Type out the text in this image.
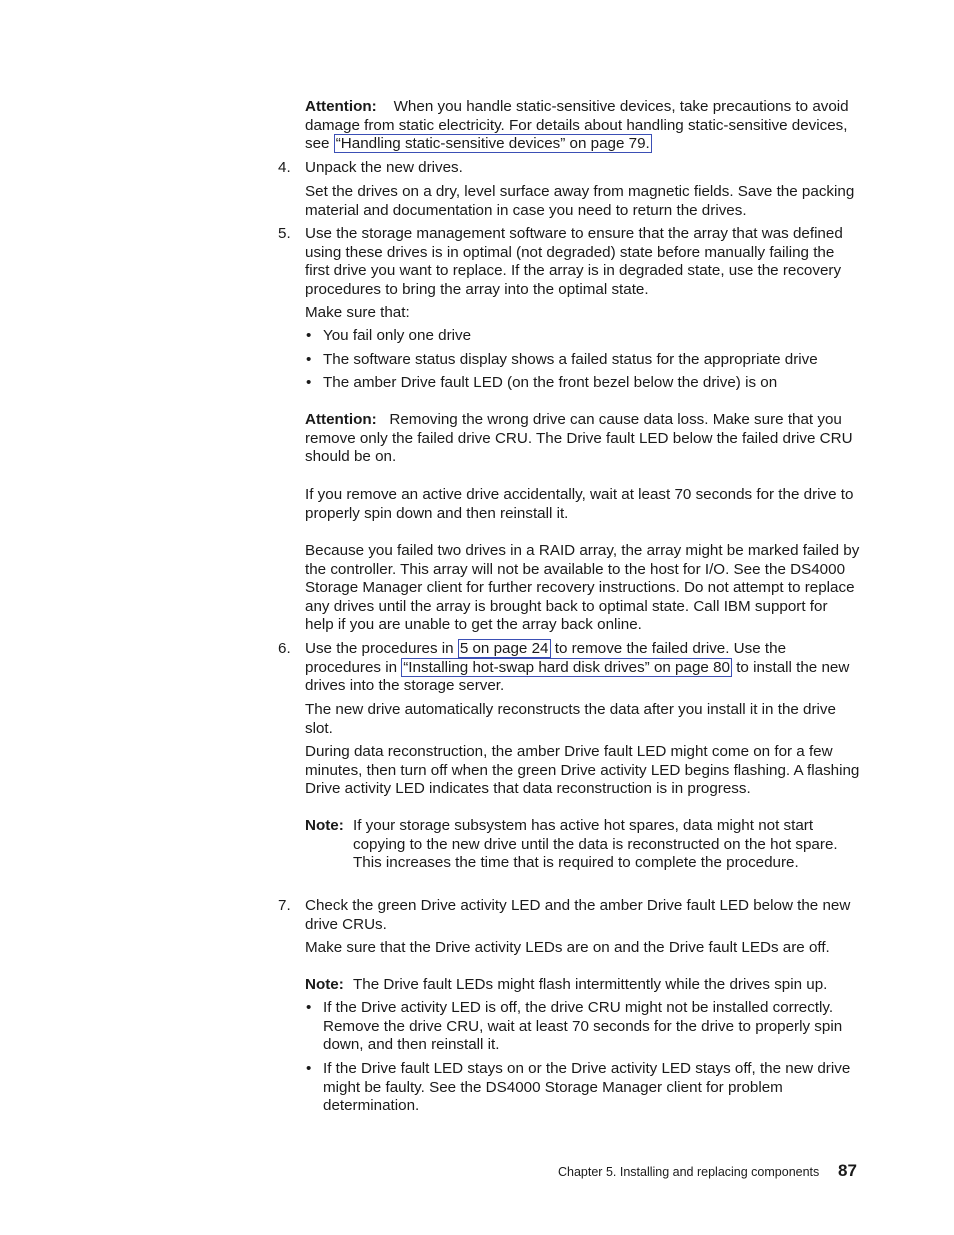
Attention: When you handle static-sensitive devices, take precautions to avoid damage from static electricity. For details about handling static-sensitive devices, see “Handling static-sensitive devices” on page 79.
4. Unpack the new drives.
Set the drives on a dry, level surface away from magnetic fields. Save the packing material and documentation in case you need to return the drives.
5. Use the storage management software to ensure that the array that was defined using these drives is in optimal (not degraded) state before manually failing the first drive you want to replace. If the array is in degraded state, use the recovery procedures to bring the array into the optimal state.
Make sure that:
• You fail only one drive
• The software status display shows a failed status for the appropriate drive
• The amber Drive fault LED (on the front bezel below the drive) is on
Attention: Removing the wrong drive can cause data loss. Make sure that you remove only the failed drive CRU. The Drive fault LED below the failed drive CRU should be on.
If you remove an active drive accidentally, wait at least 70 seconds for the drive to properly spin down and then reinstall it.
Because you failed two drives in a RAID array, the array might be marked failed by the controller. This array will not be available to the host for I/O. See the DS4000 Storage Manager client for further recovery instructions. Do not attempt to replace any drives until the array is brought back to optimal state. Call IBM support for help if you are unable to get the array back online.
6. Use the procedures in 5 on page 24 to remove the failed drive. Use the procedures in “Installing hot-swap hard disk drives” on page 80 to install the new drives into the storage server.
The new drive automatically reconstructs the data after you install it in the drive slot.
During data reconstruction, the amber Drive fault LED might come on for a few minutes, then turn off when the green Drive activity LED begins flashing. A flashing Drive activity LED indicates that data reconstruction is in progress.
Note: If your storage subsystem has active hot spares, data might not start copying to the new drive until the data is reconstructed on the hot spare. This increases the time that is required to complete the procedure.
7. Check the green Drive activity LED and the amber Drive fault LED below the new drive CRUs.
Make sure that the Drive activity LEDs are on and the Drive fault LEDs are off.
Note: The Drive fault LEDs might flash intermittently while the drives spin up.
• If the Drive activity LED is off, the drive CRU might not be installed correctly. Remove the drive CRU, wait at least 70 seconds for the drive to properly spin down, and then reinstall it.
• If the Drive fault LED stays on or the Drive activity LED stays off, the new drive might be faulty. See the DS4000 Storage Manager client for problem determination.
Chapter 5. Installing and replacing components 87
